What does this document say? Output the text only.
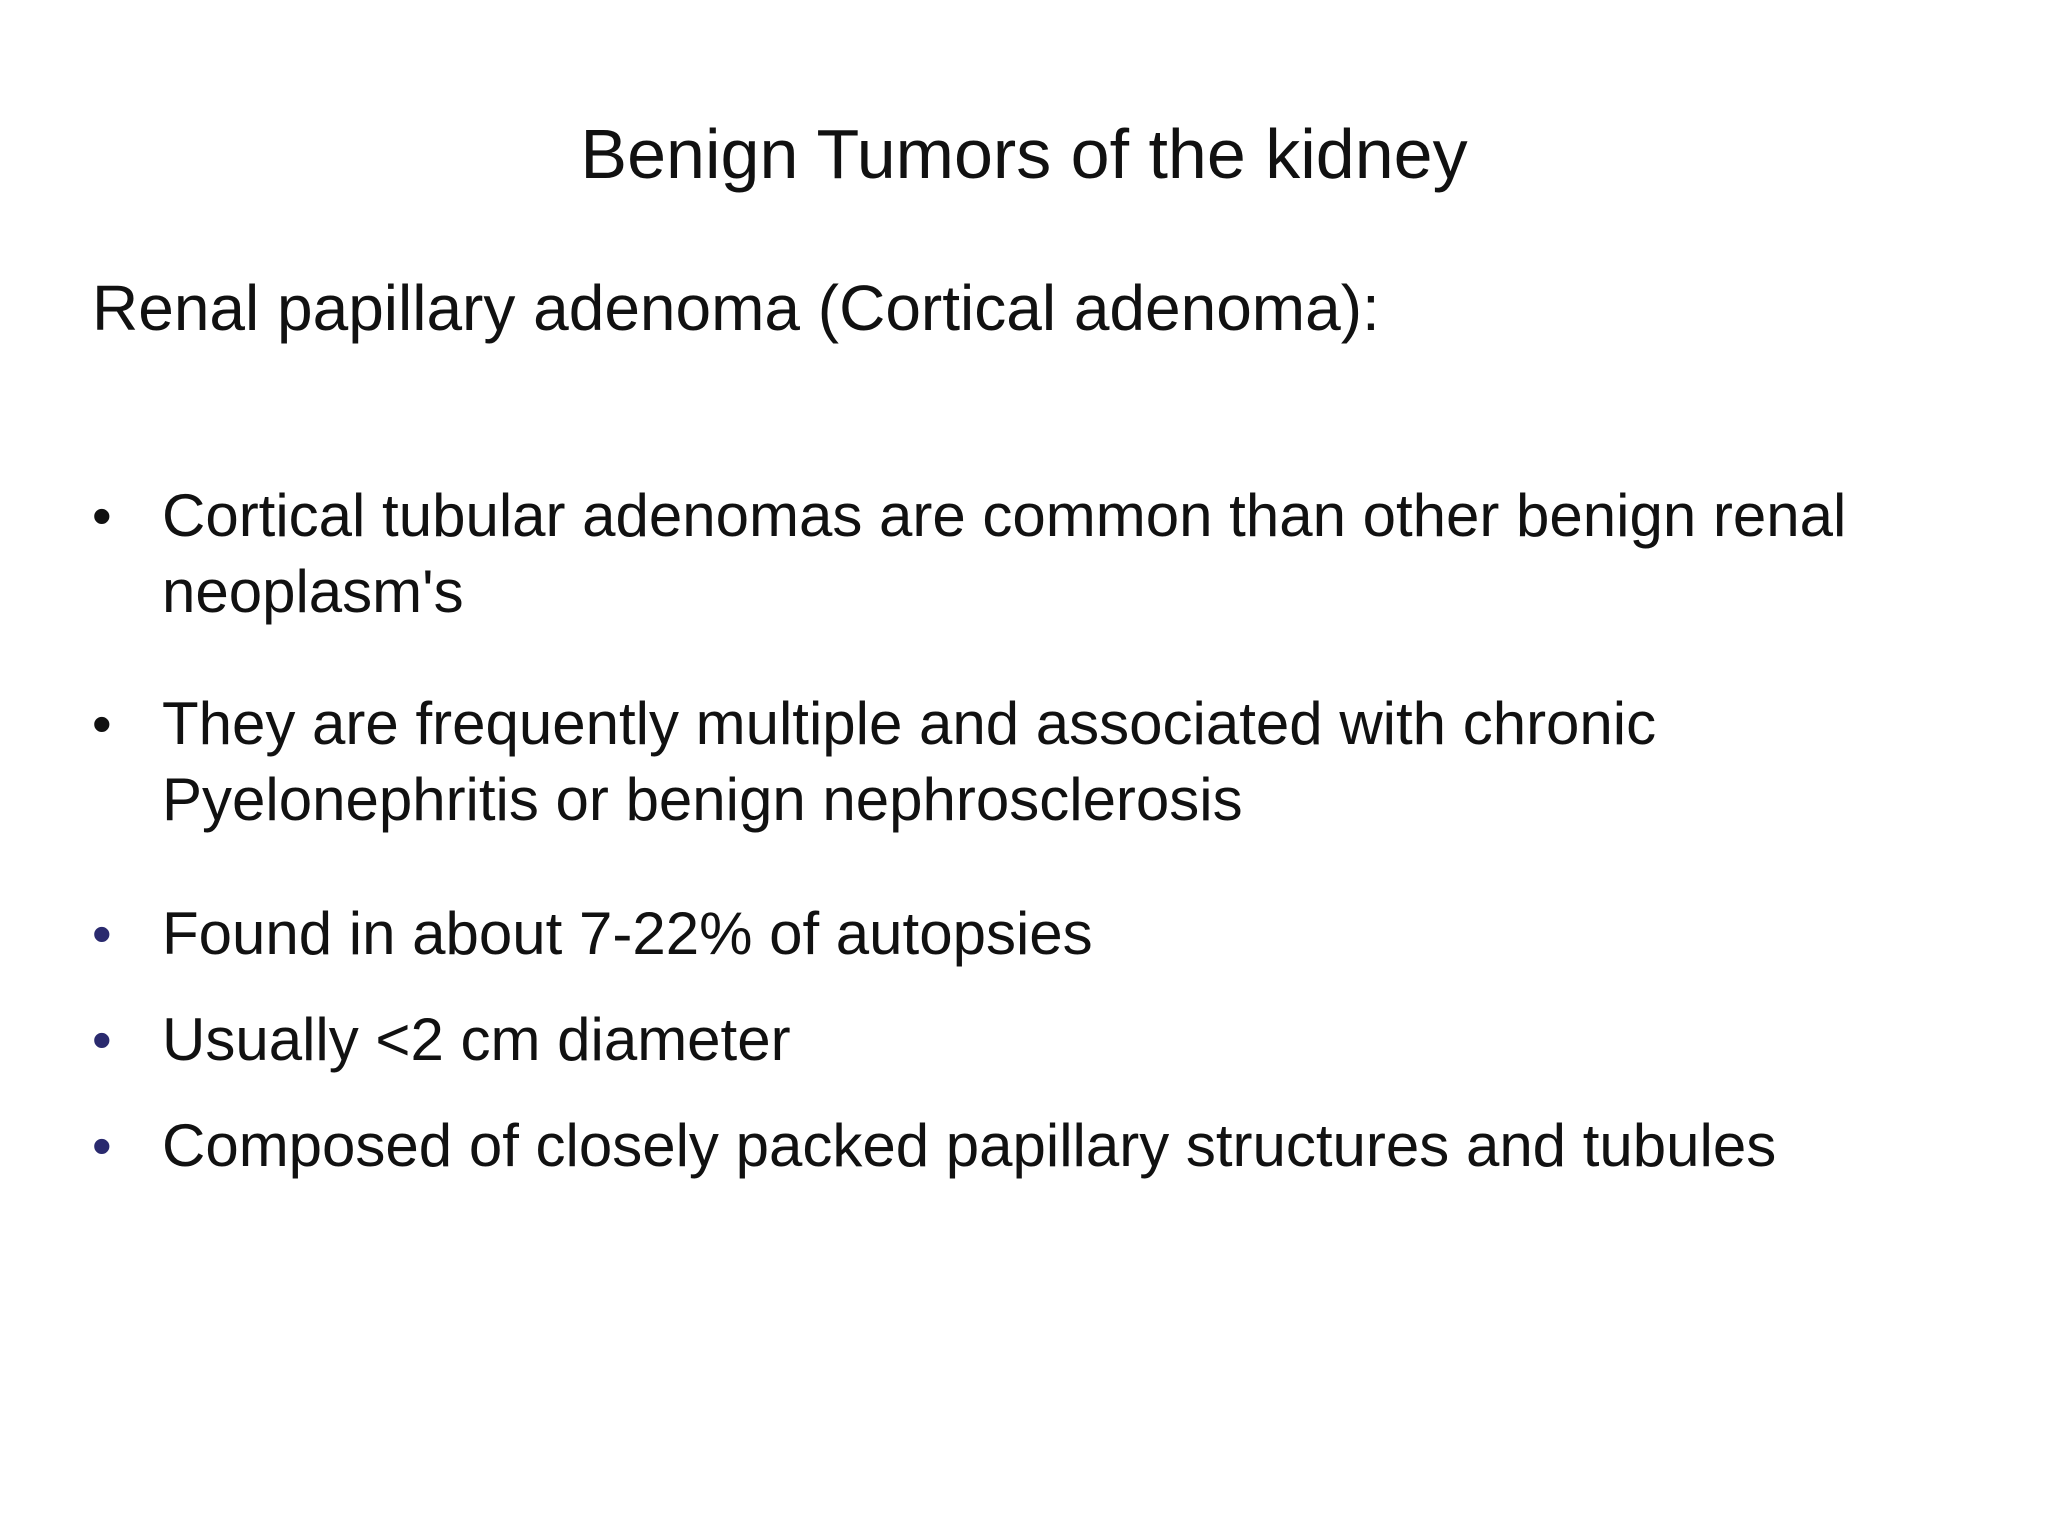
Benign Tumors of the kidney
Renal papillary adenoma (Cortical adenoma):
• Cortical tubular adenomas are common than other benign renal neoplasm's
• They are frequently multiple and associated with chronic Pyelonephritis or benign nephrosclerosis
• Found in about 7-22% of autopsies
• Usually <2 cm diameter
• Composed of closely packed papillary structures and tubules
